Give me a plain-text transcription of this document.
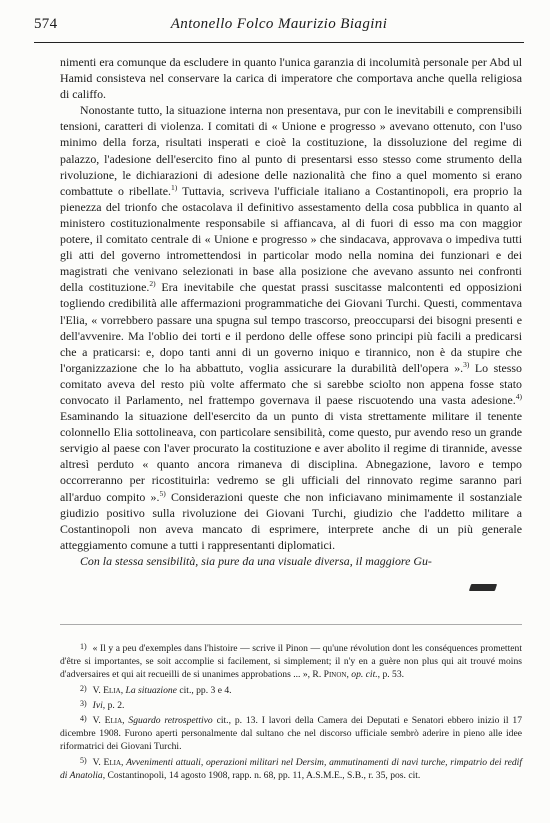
574	Antonello Folco Maurizio Biagini

nimenti era comunque da escludere in quanto l'unica garanzia di incolumità personale per Abd ul Hamid consisteva nel conservare la carica di imperatore che comportava anche quella religiosa di califfo.

Nonostante tutto, la situazione interna non presentava, pur con le inevitabili e comprensibili tensioni, caratteri di violenza. I comitati di « Unione e progresso » avevano ottenuto, con l'uso minimo della forza, risultati insperati e cioè la costituzione, la dissoluzione del regime di palazzo, l'adesione dell'esercito fino al punto di presentarsi esso stesso come strumento della rivoluzione, le dichiarazioni di adesione delle nazionalità che fino a quel momento si erano combattute o ribellate.$^{1)}$ Tuttavia, scriveva l'ufficiale italiano a Costantinopoli, era proprio la pienezza del trionfo che ostacolava il definitivo assestamento della cosa pubblica in quanto al ministero costituzionalmente responsabile si affiancava, al di fuori di esso ma con maggior potere, il comitato centrale di « Unione e progresso » che sindacava, approvava o impediva tutti gli atti del governo intromettendosi in particolar modo nella nomina dei funzionari e dei magistrati che venivano selezionati in base alla posizione che avevano assunto nei confronti della costituzione.$^{2)}$ Era inevitabile che questat prassi suscitasse malcontenti ed opposizioni togliendo credibilità alle affermazioni programmatiche dei Giovani Turchi. Questi, commentava l'Elia, « vorrebbero passare una spugna sul tempo trascorso, preoccuparsi dei bisogni presenti e dell'avvenire. Ma l'oblio dei torti e il perdono delle offese sono principi più facili a predicarsi che a praticarsi: e, dopo tanti anni di un governo iniquo e tirannico, non è da stupire che l'organizzazione che lo ha abbattuto, voglia assicurare la durabilità dell'opera ».$^{3)}$ Lo stesso comitato aveva del resto più volte affermato che si sarebbe sciolto non appena fosse stato convocato il Parlamento, nel frattempo governava il paese riscuotendo una vasta adesione.$^{4)}$ Esaminando la situazione dell'esercito da un punto di vista strettamente militare il tenente colonnello Elia sottolineava, con particolare sensibilità, come questo, pur avendo reso un grande servigio al paese con l'aver procurato la costituzione e aver abolito il regime di tirannide, avesse altresì perduto « quanto ancora rimaneva di disciplina. Abnegazione, lavoro e tempo occorreranno per ricostituirla: vedremo se gli ufficiali del rinnovato regime saranno pari all'arduo compito ».$^{5)}$ Considerazioni queste che non inficiavano minimamente il sostanziale giudizio positivo sulla rivoluzione dei Giovani Turchi, giudizio che l'addetto militare a Costantinopoli non aveva mancato di esprimere, interprete anche di un più generale atteggiamento comune a tutti i rappresentanti diplomatici.

Con la stessa sensibilità, sia pure da una visuale diversa, il maggiore Gu-

$^{1)}$ « Il y a peu d'exemples dans l'histoire — scrive il Pinon — qu'une révolution dont les conséquences promettent d'être si importantes, se soit accomplie si facilement, si simplement; il n'y en a guère non plus qui ait trouvé moins d'adversaires et qui ait recueilli de si unanimes approbations ... », R. Pinon, op. cit., p. 53.

$^{2)}$ V. Elia, La situazione cit., pp. 3 e 4.

$^{3)}$ Ivi, p. 2.

$^{4)}$ V. Elia, Sguardo retrospettivo cit., p. 13. I lavori della Camera dei Deputati e Senatori ebbero inizio il 17 dicembre 1908. Furono aperti personalmente dal sultano che nel discorso ufficiale sembrò aderire in pieno alle idee riformatrici dei Giovani Turchi.

$^{5)}$ V. Elia, Avvenimenti attuali, operazioni militari nel Dersim, ammutinamenti di navi turche, rimpatrio dei redif di Anatolia, Costantinopoli, 14 agosto 1908, rapp. n. 68, pp. 11, A.S.M.E., S.B., r. 35, pos. cit.
